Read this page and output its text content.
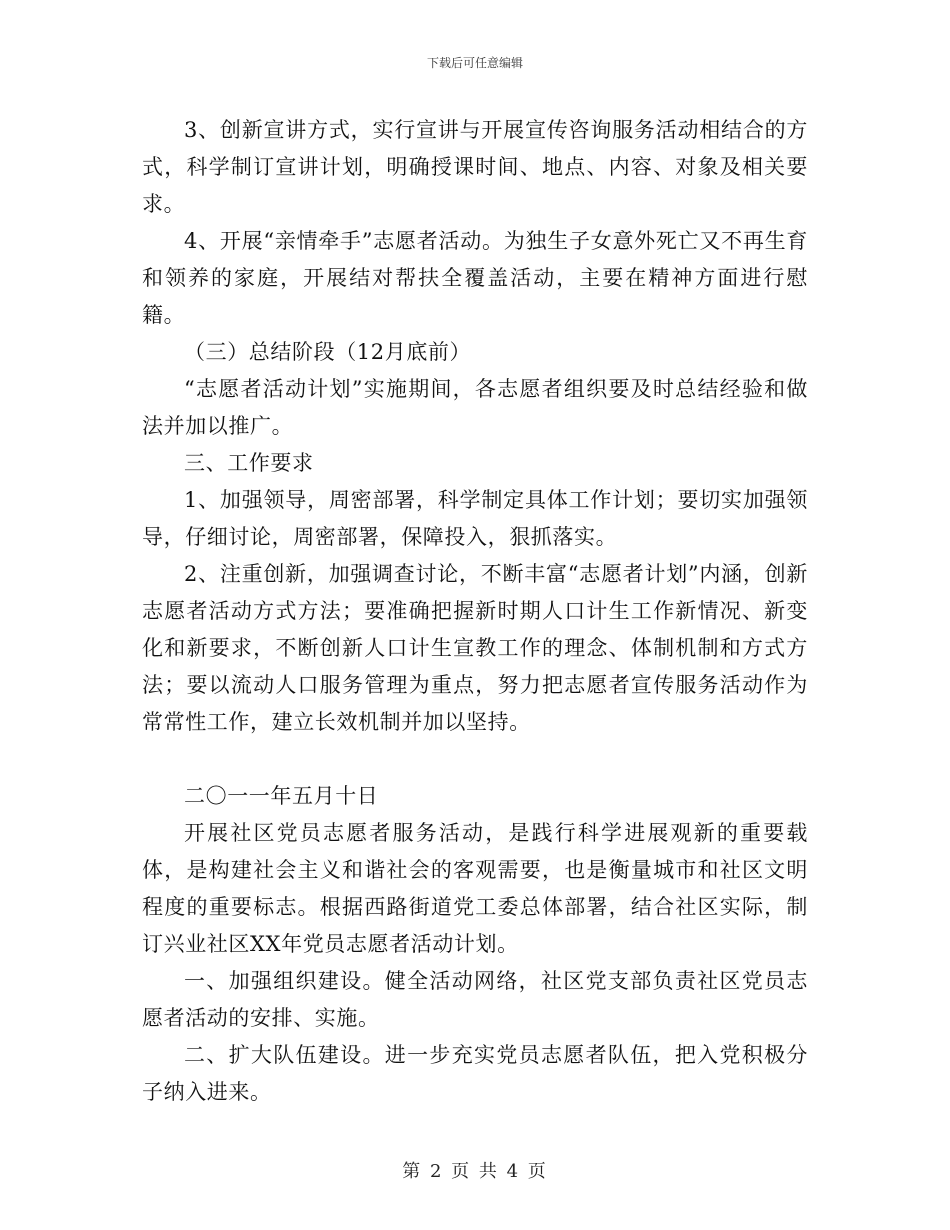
下载后可任意编辑

3、创新宣讲方式，实行宣讲与开展宣传咨询服务活动相结合的方式，科学制订宣讲计划，明确授课时间、地点、内容、对象及相关要求。

4、开展“亲情牵手”志愿者活动。为独生子女意外死亡又不再生育和领养的家庭，开展结对帮扶全覆盖活动，主要在精神方面进行慰籍。

（三）总结阶段（12月底前）

“志愿者活动计划”实施期间，各志愿者组织要及时总结经验和做法并加以推广。

三、工作要求

1、加强领导，周密部署，科学制定具体工作计划；要切实加强领导，仔细讨论，周密部署，保障投入，狠抓落实。

2、注重创新，加强调查讨论，不断丰富“志愿者计划”内涵，创新志愿者活动方式方法；要准确把握新时期人口计生工作新情况、新变化和新要求，不断创新人口计生宣教工作的理念、体制机制和方式方法；要以流动人口服务管理为重点，努力把志愿者宣传服务活动作为常常性工作，建立长效机制并加以坚持。

二〇一一年五月十日

开展社区党员志愿者服务活动，是践行科学进展观新的重要载体，是构建社会主义和谐社会的客观需要，也是衡量城市和社区文明程度的重要标志。根据西路街道党工委总体部署，结合社区实际，制订兴业社区XX年党员志愿者活动计划。

一、加强组织建设。健全活动网络，社区党支部负责社区党员志愿者活动的安排、实施。

二、扩大队伍建设。进一步充实党员志愿者队伍，把入党积极分子纳入进来。

第 2 页 共 4 页
